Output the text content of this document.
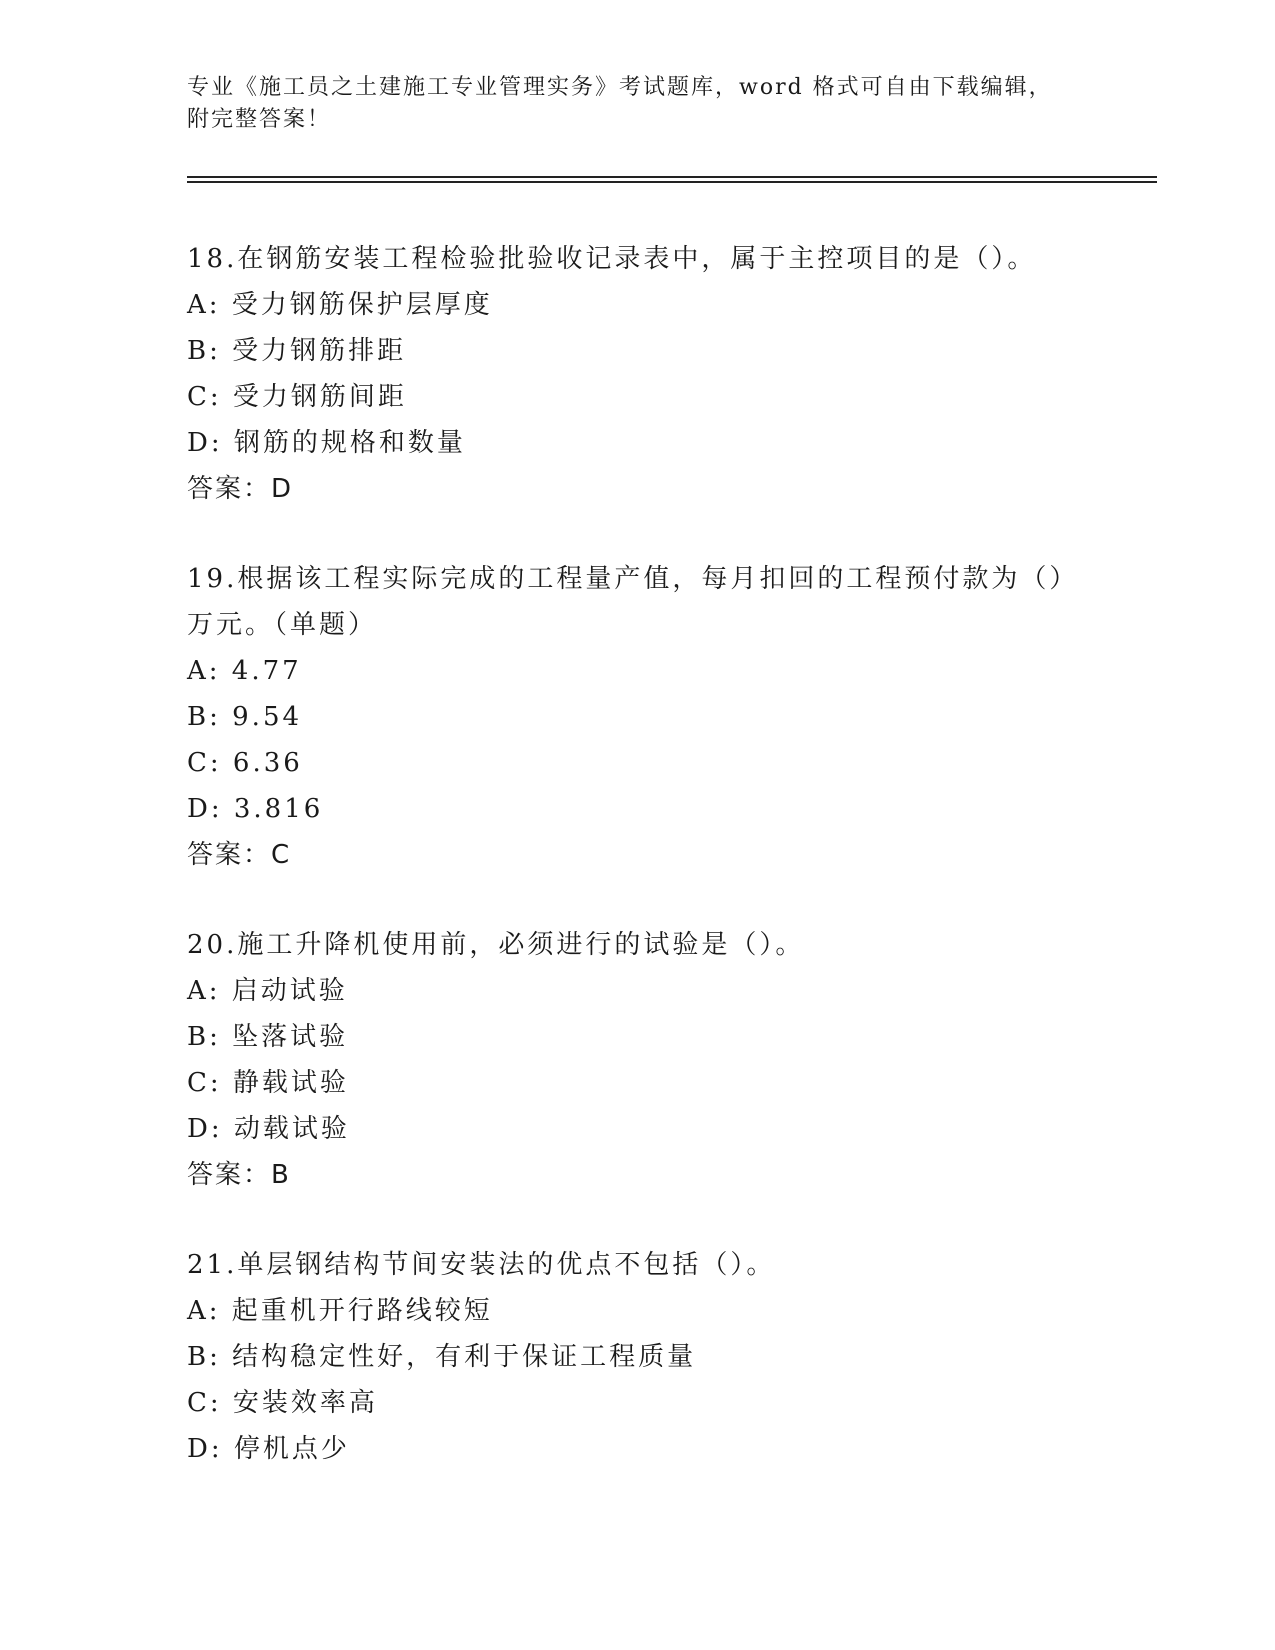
专业《施工员之土建施工专业管理实务》考试题库，word 格式可自由下载编辑，
附完整答案！
18.在钢筋安装工程检验批验收记录表中，属于主控项目的是（）。
A: 受力钢筋保护层厚度
B: 受力钢筋排距
C: 受力钢筋间距
D: 钢筋的规格和数量
答案：D
19.根据该工程实际完成的工程量产值，每月扣回的工程预付款为（）万元。（单题）
A: 4.77
B: 9.54
C: 6.36
D: 3.816
答案：C
20.施工升降机使用前，必须进行的试验是（）。
A: 启动试验
B: 坠落试验
C: 静载试验
D: 动载试验
答案：B
21.单层钢结构节间安装法的优点不包括（）。
A: 起重机开行路线较短
B: 结构稳定性好，有利于保证工程质量
C: 安装效率高
D: 停机点少
